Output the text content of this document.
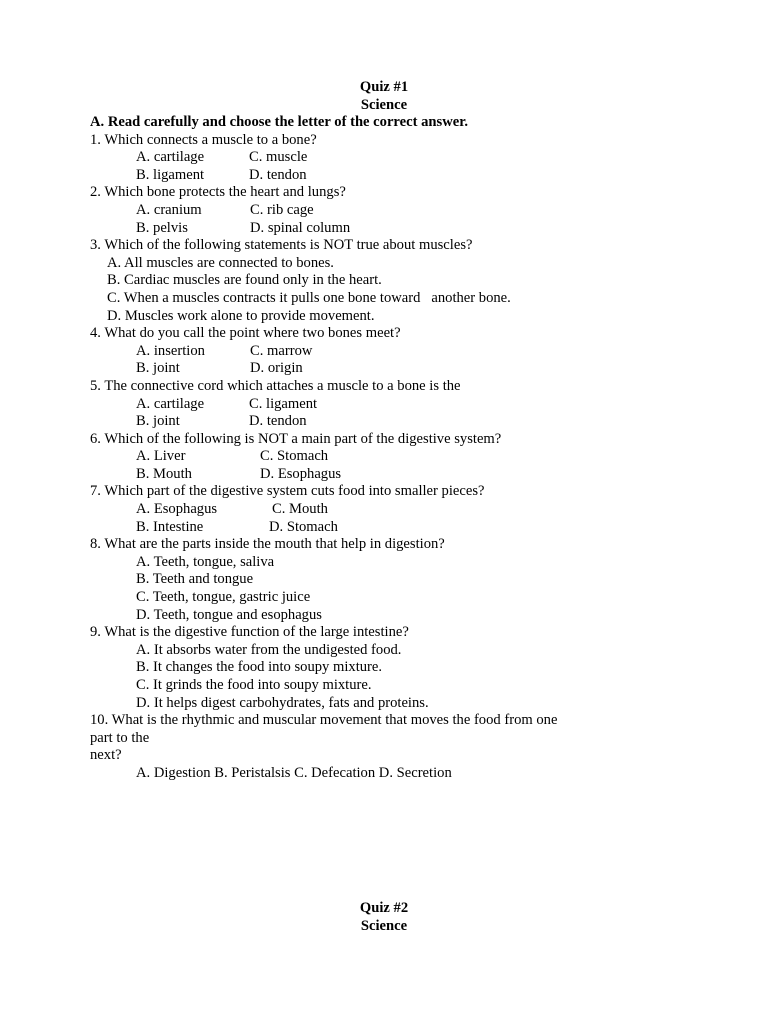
Quiz #1
Science
A. Read carefully and choose the letter of the correct answer.
1. Which connects a muscle to a bone?
A. cartilage	C. muscle
B. ligament	D. tendon
2. Which bone protects the heart and lungs?
A. cranium	C. rib cage
B. pelvis	D. spinal column
3. Which of the following statements is NOT true about muscles?
A. All muscles are connected to bones.
B. Cardiac muscles are found only in the heart.
C. When a muscles contracts it pulls one bone toward   another bone.
D. Muscles work alone to provide movement.
4. What do you call the point where two bones meet?
A. insertion	C. marrow
B. joint	D. origin
5. The connective cord which attaches a muscle to a bone is the
A. cartilage	C. ligament
B. joint	D. tendon
6. Which of the following is NOT a main part of the digestive system?
A. Liver	C. Stomach
B. Mouth	D. Esophagus
7. Which part of the digestive system cuts food into smaller pieces?
A. Esophagus	C. Mouth
B. Intestine	D. Stomach
8. What are the parts inside the mouth that help in digestion?
A. Teeth, tongue, saliva
B. Teeth and tongue
C. Teeth, tongue, gastric juice
D. Teeth, tongue and esophagus
9. What is the digestive function of the large intestine?
A. It absorbs water from the undigested food.
B. It changes the food into soupy mixture.
C. It grinds the food into soupy mixture.
D. It helps digest carbohydrates, fats and proteins.
10. What is the rhythmic and muscular movement that moves the food from one
part to the
next?
A. Digestion B. Peristalsis C. Defecation D. Secretion
Quiz #2
Science
